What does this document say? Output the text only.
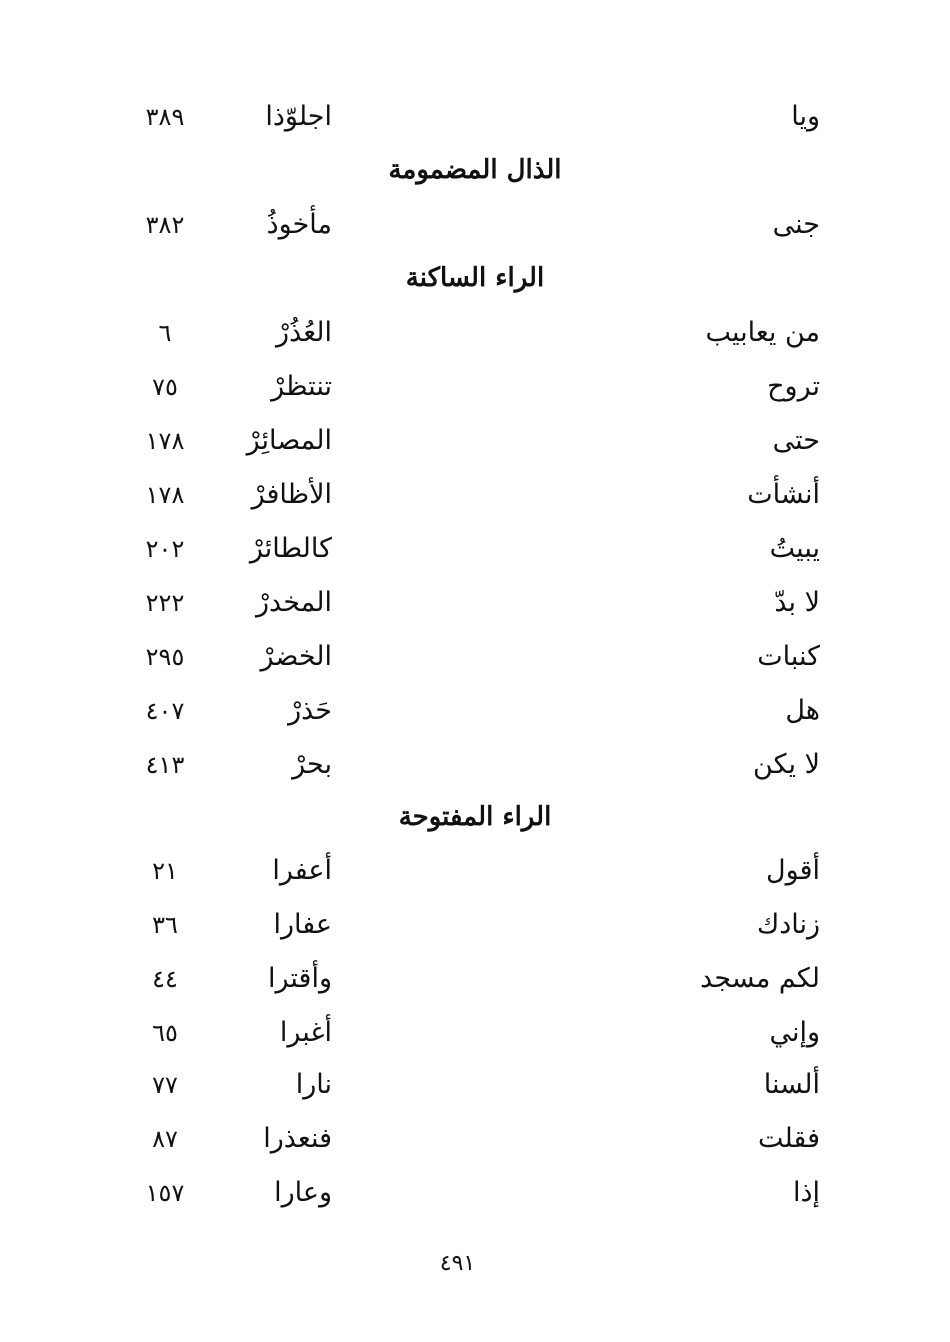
ويا
اجلوّذا
٣٨٩
الذال المضمومة
جنى
مأخوذُ
٣٨٢
الراء الساكنة
من يعابيب
العُذُرْ
٦
تروح
تنتظرْ
٧٥
حتى
المصائِرْ
١٧٨
أنشأت
الأظافرْ
١٧٨
يبيتُ
كالطائرْ
٢٠٢
لا بدّ
المخدرْ
٢٢٢
كنبات
الخضرْ
٢٩٥
هل
حَذرْ
٤٠٧
لا يكن
بحرْ
٤١٣
الراء المفتوحة
أقول
أعفرا
٢١
زنادك
عفارا
٣٦
لكم مسجد
وأقترا
٤٤
وإني
أغبرا
٦٥
ألسنا
نارا
٧٧
فقلت
فنعذرا
٨٧
إذا
وعارا
١٥٧
٤٩١
